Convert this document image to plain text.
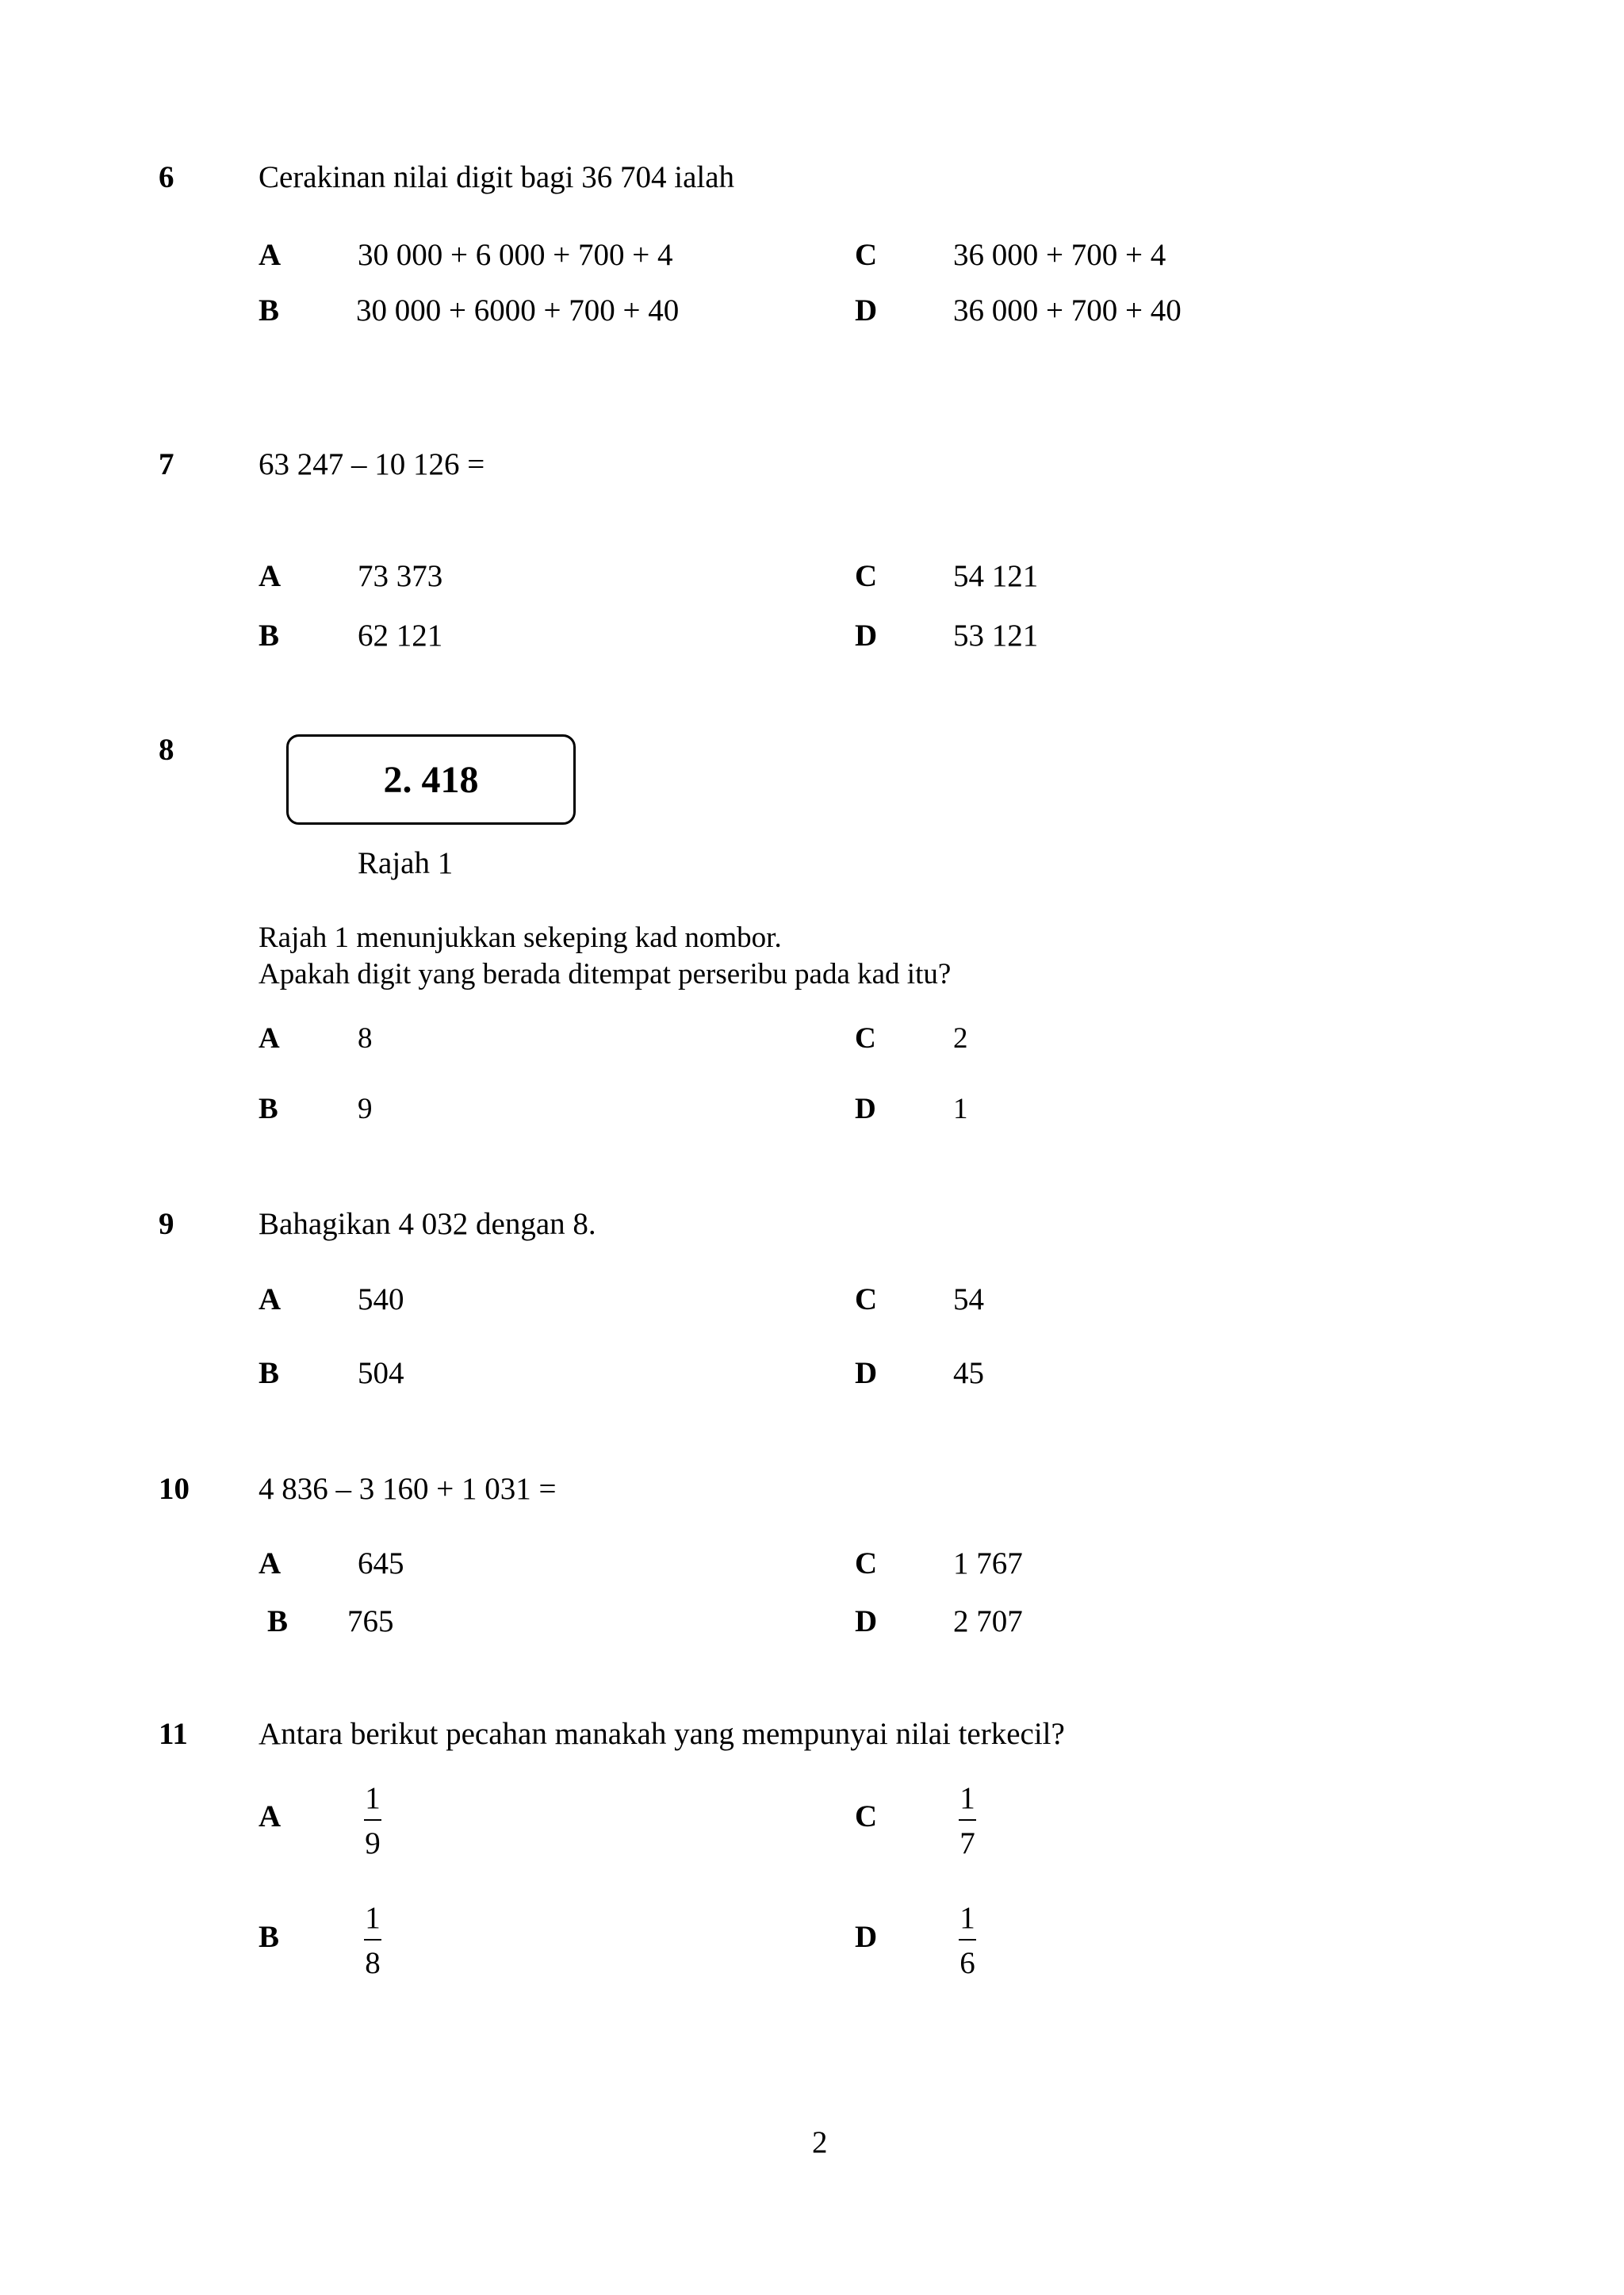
6	Cerakinan nilai digit bagi 36 704 ialah
A 30 000 + 6 000 + 700 + 4
B 30 000 + 6000 + 700 + 40
C 36 000 + 700 + 4
D 36 000 + 700 + 40
7	63 247 – 10 126 =
A 73 373
B	62 121
C 54 121
D 53 121
8
2. 418
Rajah 1
Rajah 1 menunjukkan sekeping kad nombor.
Apakah digit yang berada ditempat perseribu pada kad itu?
A	8
B	9
C	2
D	1
9	Bahagikan 4 032 dengan 8.
A 540
B	504
C 54
D 45
10 4 836 – 3 160 + 1 031 =
A 645
B 765
C 1 767
D 2 707
11 Antara berikut pecahan manakah yang mempunyai nilai terkecil?
A
1
9
B
1
8
C
1
7
D
1
6
2
